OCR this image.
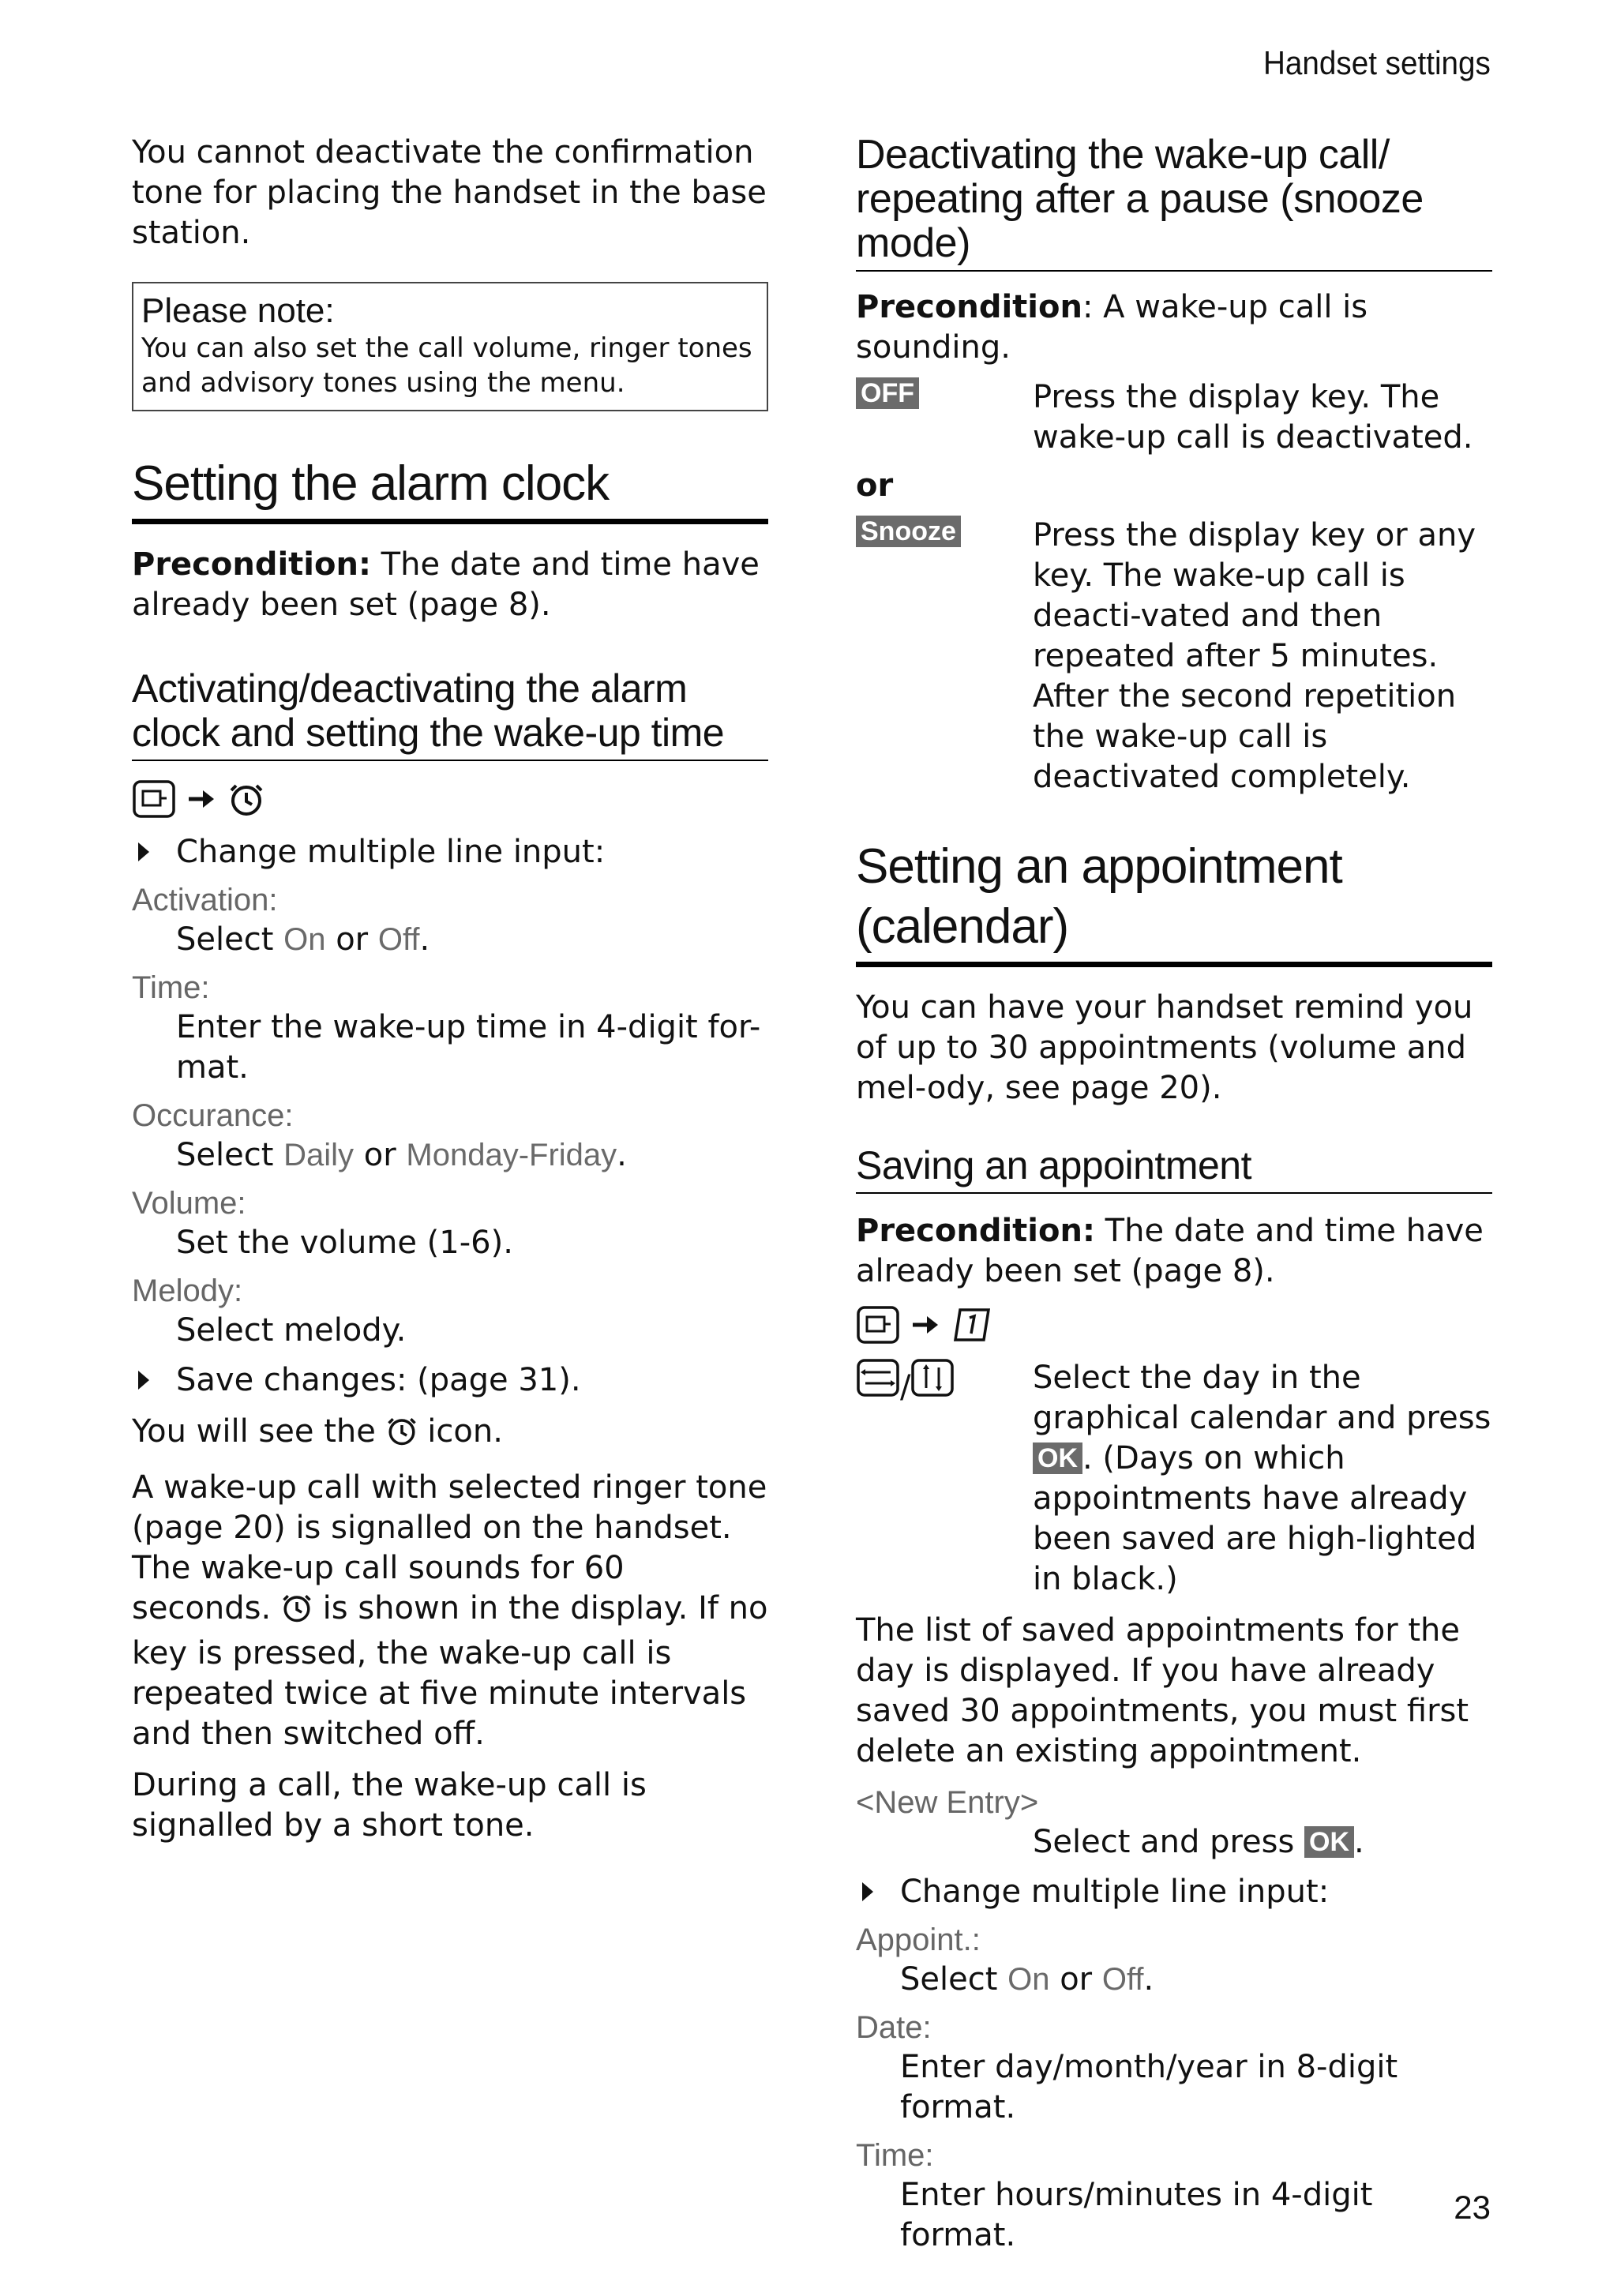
Handset settings

You cannot deactivate the confirmation tone for placing the handset in the base station.

Please note:
You can also set the call volume, ringer tones and advisory tones using the menu.
Setting the alarm clock

Precondition: The date and time have already been set (page 8).

Activating/deactivating the alarm clock and setting the wake-up time
Change multiple line input:
Activation:
Select On or Off.
Time:
Enter the wake-up time in 4-digit for-
mat.
Occurance:
Select Daily or Monday-Friday.
Volume:
Set the volume (1-6).
Melody:
Select melody.
Save changes: (page 31).

You will see the  icon.

A wake-up call with selected ringer tone (page 20) is signalled on the handset. The wake-up call sounds for 60 seconds.  is shown in the display. If no key is pressed, the wake-up call is repeated twice at five minute intervals and then switched off.

During a call, the wake-up call is signalled by a short tone.

Deactivating the wake-up call/ repeating after a pause (snooze mode)

Precondition: A wake-up call is sounding.

OFF	Press the display key. The wake-up call is deactivated.
or
Snooze	Press the display key or any key. The wake-up call is deacti-vated and then repeated after 5 minutes. After the second repetition the wake-up call is deactivated completely.
Setting an appointment
(calendar)

You can have your handset remind you of up to 30 appointments (volume and mel-ody, see page 20).

Saving an appointment

Precondition: The date and time have already been set (page 8).

/	Select the day in the graphical calendar and press OK . (Days on which appointments have already been saved are high-lighted in black.)

The list of saved appointments for the day is displayed. If you have already saved 30 appointments, you must first delete an existing appointment.

<New Entry>
Select and press OK .
Change multiple line input:
Appoint.:
Select On or Off.
Date:
Enter day/month/year in 8-digit format.
Time:
Enter hours/minutes in 4-digit format.
23
